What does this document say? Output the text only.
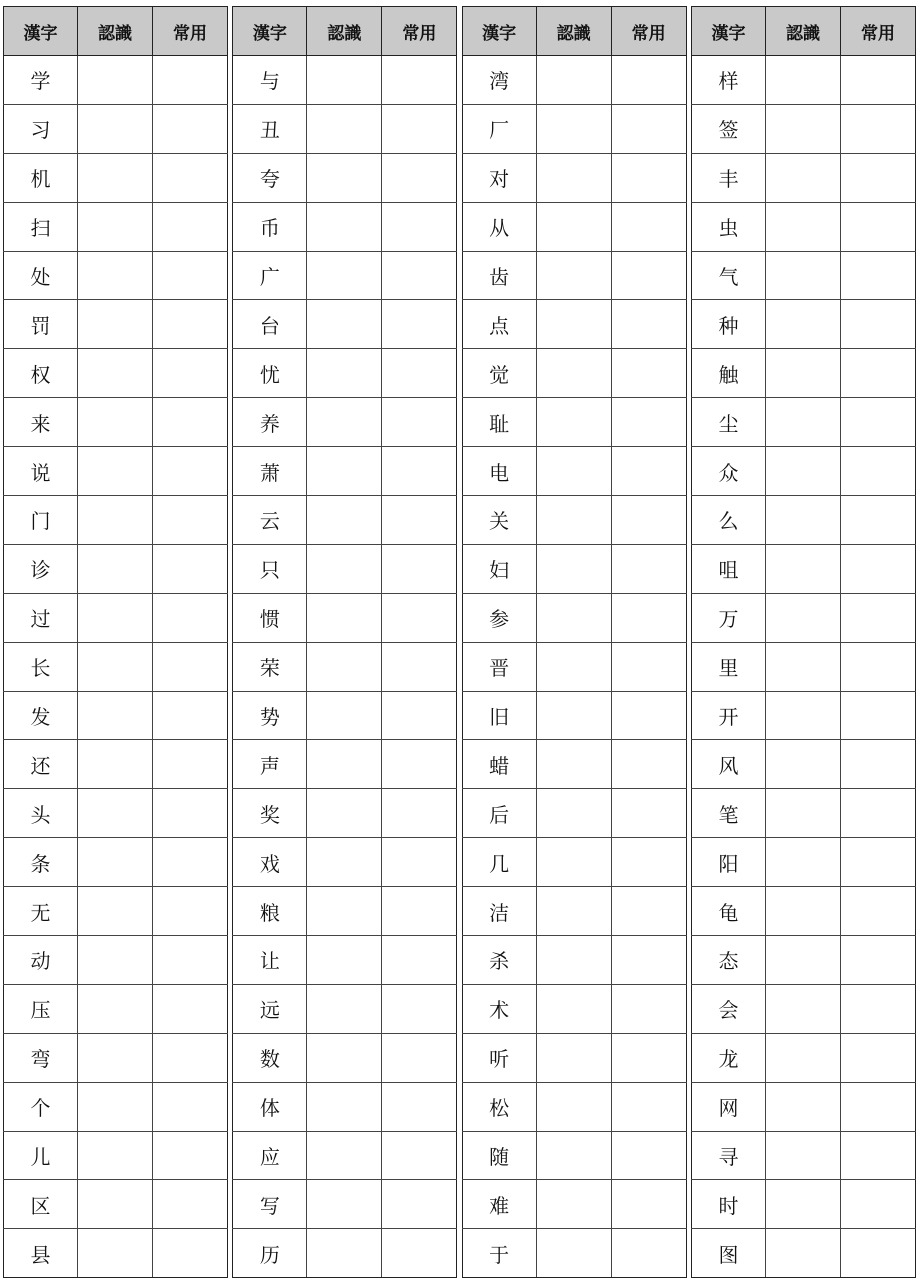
漢字	認識	常用
学		
习		
机		
扫		
处		
罚		
权		
来		
说		
门		
诊		
过		
长		
发		
还		
头		
条		
无		
动		
压		
弯		
个		
儿		
区		
县		
漢字	認識	常用
与		
丑		
夸		
币		
广		
台		
忧		
养		
萧		
云		
只		
惯		
荣		
势		
声		
奖		
戏		
粮		
让		
远		
数		
体		
应		
写		
历		
漢字	認識	常用
湾		
厂		
对		
从		
齿		
点		
觉		
耻		
电		
关		
妇		
参		
晋		
旧		
蜡		
后		
几		
洁		
杀		
术		
听		
松		
随		
难		
于		
漢字	認識	常用
样		
签		
丰		
虫		
气		
种		
触		
尘		
众		
么		
咀		
万		
里		
开		
风		
笔		
阳		
龟		
态		
会		
龙		
网		
寻		
时		
图		
